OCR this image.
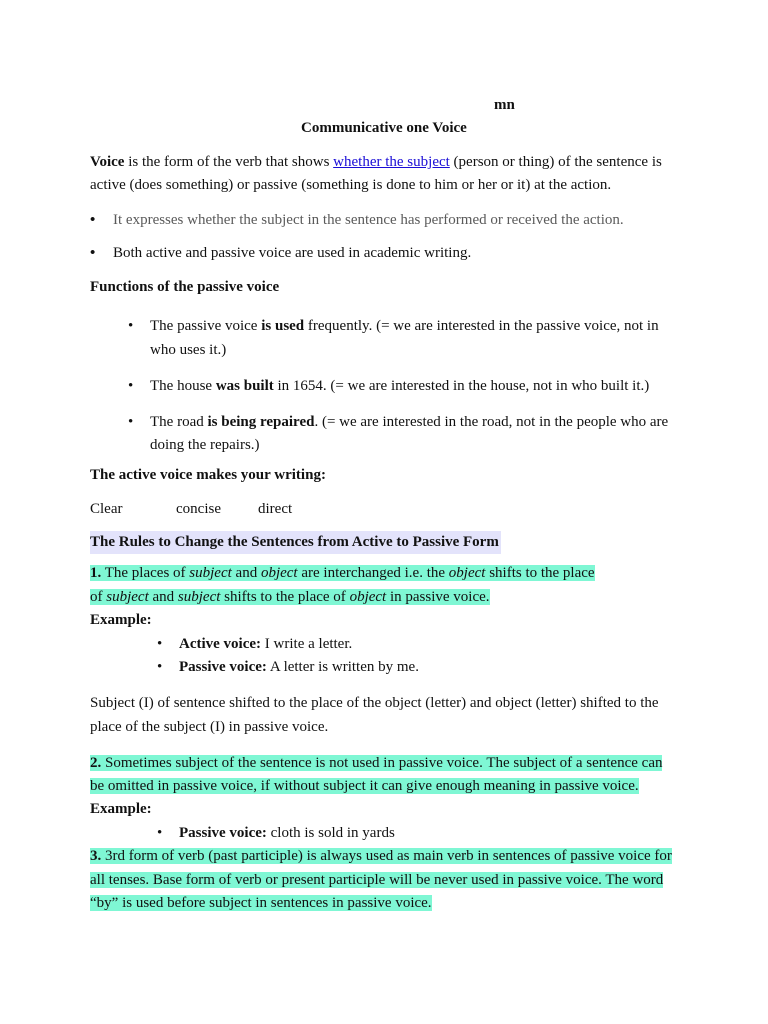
mn
Communicative one Voice
Voice is the form of the verb that shows whether the subject (person or thing) of the sentence is
active (does something) or passive (something is done to him or her or it) at the action.
• It expresses whether the subject in the sentence has performed or received the action.
• Both active and passive voice are used in academic writing.
Functions of the passive voice
• The passive voice is used frequently. (= we are interested in the passive voice, not in
who uses it.)
• The house was built in 1654. (= we are interested in the house, not in who built it.)
• The road is being repaired. (= we are interested in the road, not in the people who are
doing the repairs.)
The active voice makes your writing:
Clear	concise direct
The Rules to Change the Sentences from Active to Passive Form
1. The places of subject and object are interchanged i.e. the object shifts to the place
of subject and subject shifts to the place of object in passive voice.
Example:
• Active voice: I write a letter.
• Passive voice: A letter is written by me.
Subject (I) of sentence shifted to the place of the object (letter) and object (letter) shifted to the
place of the subject (I) in passive voice.
2. Sometimes subject of the sentence is not used in passive voice. The subject of a sentence can
be omitted in passive voice, if without subject it can give enough meaning in passive voice.
Example:
• Passive voice: cloth is sold in yards
3. 3rd form of verb (past participle) is always used as main verb in sentences of passive voice for
all tenses. Base form of verb or present participle will be never used in passive voice. The word
“by” is used before subject in sentences in passive voice.
